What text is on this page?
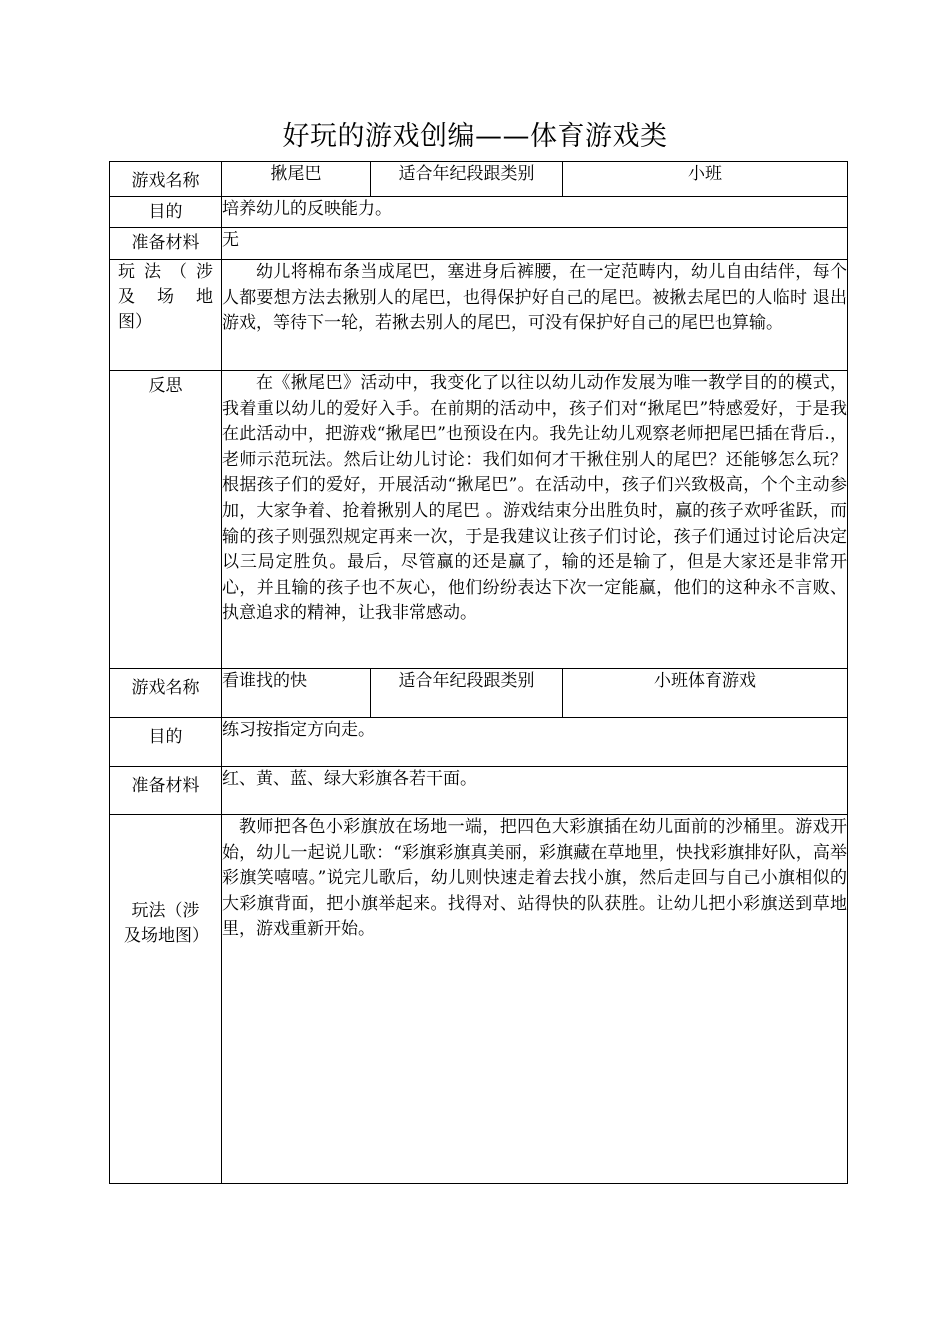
好玩的游戏创编——体育游戏类
游戏名称	揪尾巴	适合年纪段跟类别	小班
目的	培养幼儿的反映能力。		
准备材料	无		

玩 法 （ 涉
及 场 地
图）	幼儿将棉布条当成尾巴，塞进身后裤腰，在一定范畴内，幼儿自由结伴，每个人都要想方法去揪别人的尾巴，也得保护好自己的尾巴。被揪去尾巴的人临时 退出游戏，等待下一轮，若揪去别人的尾巴，可没有保护好自己的尾巴也算输。		
反思	在《揪尾巴》活动中，我变化了以往以幼儿动作发展为唯一教学目的的模式，我着重以幼儿的爱好入手。在前期的活动中，孩子们对“揪尾巴”特感爱好，于是我在此活动中，把游戏“揪尾巴”也预设在内。我先让幼儿观察老师把尾巴插在背后.，老师示范玩法。然后让幼儿讨论：我们如何才干揪住别人的尾巴？还能够怎么玩？根据孩子们的爱好，开展活动“揪尾巴”。在活动中，孩子们兴致极高，个个主动参加，大家争着、抢着揪别人的尾巴 。游戏结束分出胜负时，赢的孩子欢呼雀跃，而输的孩子则强烈规定再来一次，于是我建议让孩子们讨论，孩子们通过讨论后决定以三局定胜负。最后，尽管赢的还是赢了，输的还是输了，但是大家还是非常开心，并且输的孩子也不灰心，他们纷纷表达下次一定能赢，他们的这种永不言败、执意追求的精神，让我非常感动。		
游戏名称	看谁找的快	适合年纪段跟类别	小班体育游戏
目的	练习按指定方向走。		
准备材料	红、黄、蓝、绿大彩旗各若干面。		

玩法（涉及场地图）	教师把各色小彩旗放在场地一端，把四色大彩旗插在幼儿面前的沙桶里。游戏开始，幼儿一起说儿歌：“彩旗彩旗真美丽，彩旗藏在草地里，快找彩旗排好队，高举彩旗笑嘻嘻。”说完儿歌后，幼儿则快速走着去找小旗，然后走回与自己小旗相似的大彩旗背面，把小旗举起来。找得对、站得快的队获胜。让幼儿把小彩旗送到草地里，游戏重新开始。		
